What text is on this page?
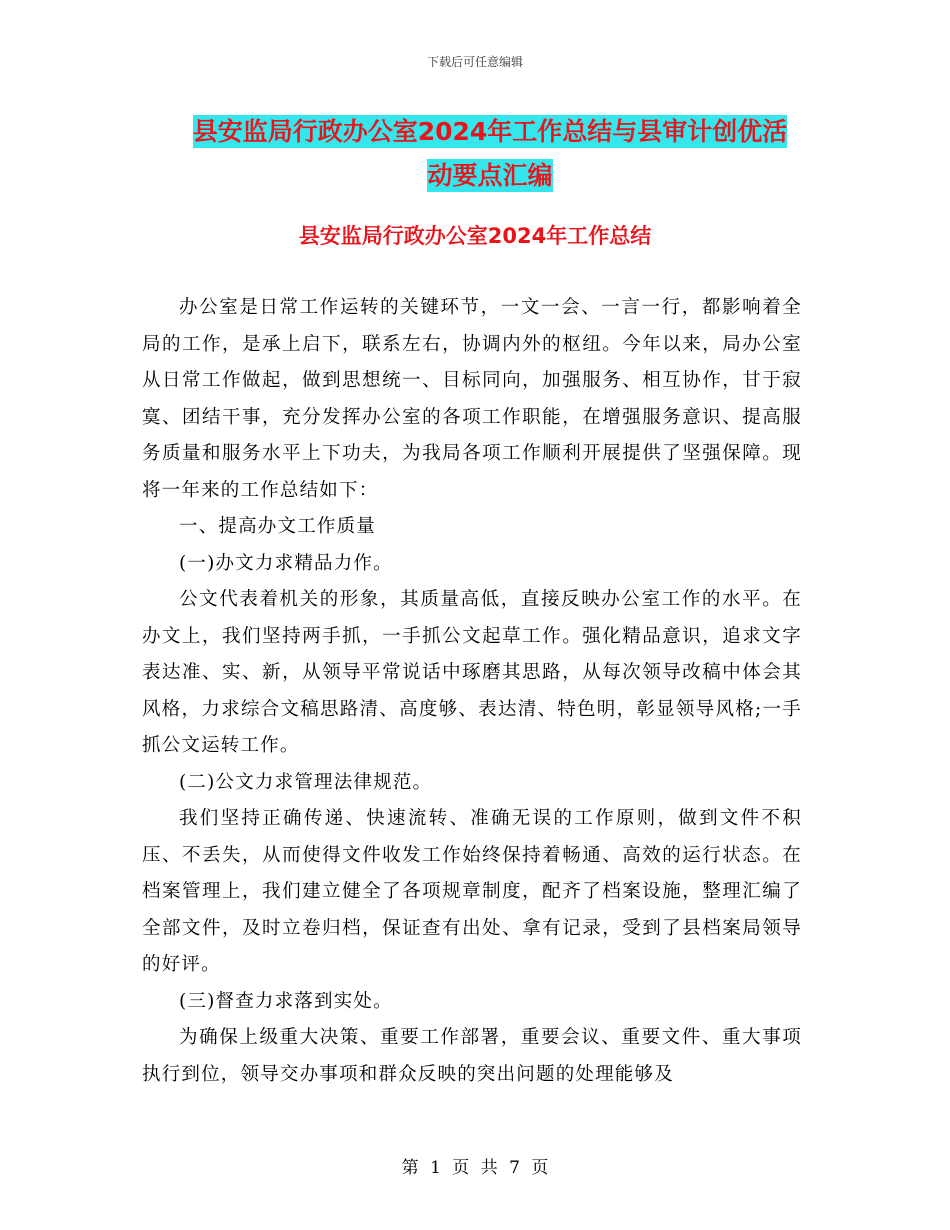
下载后可任意编辑
县安监局行政办公室2024年工作总结与县审计创优活
动要点汇编
县安监局行政办公室2024年工作总结

办公室是日常工作运转的关键环节，一文一会、一言一行，都影响着全局的工作，是承上启下，联系左右，协调内外的枢纽。今年以来，局办公室从日常工作做起，做到思想统一、目标同向，加强服务、相互协作，甘于寂寞、团结干事，充分发挥办公室的各项工作职能，在增强服务意识、提高服务质量和服务水平上下功夫，为我局各项工作顺利开展提供了坚强保障。现将一年来的工作总结如下：

一、提高办文工作质量

(一)办文力求精品力作。

公文代表着机关的形象，其质量高低，直接反映办公室工作的水平。在办文上，我们坚持两手抓，一手抓公文起草工作。强化精品意识，追求文字表达准、实、新，从领导平常说话中琢磨其思路，从每次领导改稿中体会其风格，力求综合文稿思路清、高度够、表达清、特色明，彰显领导风格;一手抓公文运转工作。

(二)公文力求管理法律规范。

我们坚持正确传递、快速流转、准确无误的工作原则，做到文件不积压、不丢失，从而使得文件收发工作始终保持着畅通、高效的运行状态。在档案管理上，我们建立健全了各项规章制度，配齐了档案设施，整理汇编了全部文件，及时立卷归档，保证查有出处、拿有记录，受到了县档案局领导的好评。

(三)督查力求落到实处。

为确保上级重大决策、重要工作部署，重要会议、重要文件、重大事项执行到位，领导交办事项和群众反映的突出问题的处理能够及

第 1 页 共 7 页
